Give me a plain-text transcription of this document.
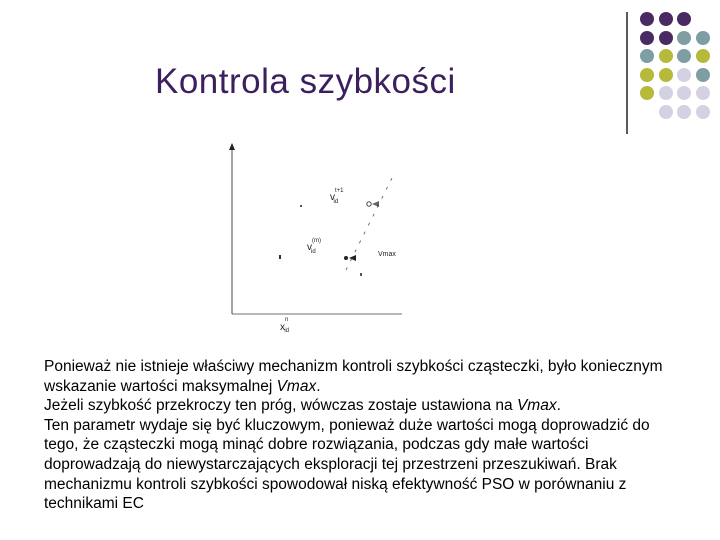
Kontrola szybkości
$v^{t+1}$ id
$v^{(m)}$ id	Vmax
$x^n$ id

Ponieważ nie istnieje właściwy mechanizm kontroli szybkości cząsteczki, było koniecznym wskazanie wartości maksymalnej Vmax.

Jeżeli szybkość przekroczy ten próg, wówczas zostaje ustawiona na Vmax.

Ten parametr wydaje się być kluczowym, ponieważ duże wartości mogą doprowadzić do tego, że cząsteczki mogą minąć dobre rozwiązania, podczas gdy małe wartości doprowadzają do niewystarczających eksploracji tej przestrzeni przeszukiwań. Brak mechanizmu kontroli szybkości spowodował niską efektywność PSO w porównaniu z technikami EC
